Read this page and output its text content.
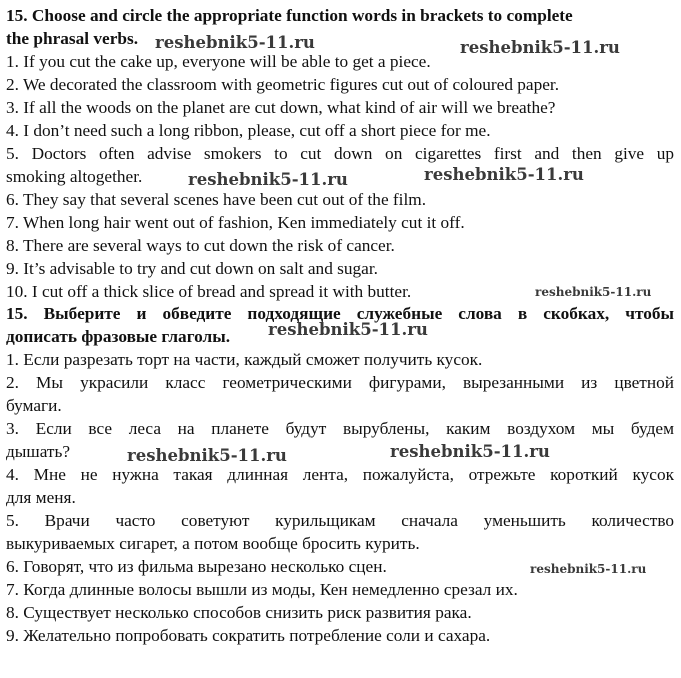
15. Choose and circle the appropriate function words in brackets to complete
the phrasal verbs.
1. If you cut the cake up, everyone will be able to get a piece.
2. We decorated the classroom with geometric figures cut out of coloured paper.
3. If all the woods on the planet are cut down, what kind of air will we breathe?
4. I don’t need such a long ribbon, please, cut off a short piece for me.
5. Doctors often advise smokers to cut down on cigarettes first and then give up
smoking altogether.
6. They say that several scenes have been cut out of the film.
7. When long hair went out of fashion, Ken immediately cut it off.
8. There are several ways to cut down the risk of cancer.
9. It’s advisable to try and cut down on salt and sugar.
10. I cut off a thick slice of bread and spread it with butter.
15. Выберите и обведите подходящие служебные слова в скобках, чтобы
дописать фразовые глаголы.
1. Если разрезать торт на части, каждый сможет получить кусок.
2. Мы украсили класс геометрическими фигурами, вырезанными из цветной
бумаги.
3. Если все леса на планете будут вырублены, каким воздухом мы будем
дышать?
4. Мне не нужна такая длинная лента, пожалуйста, отрежьте короткий кусок
для меня.
5. Врачи часто советуют курильщикам сначала уменьшить количество
выкуриваемых сигарет, а потом вообще бросить курить.
6. Говорят, что из фильма вырезано несколько сцен.
7. Когда длинные волосы вышли из моды, Кен немедленно срезал их.
8. Существует несколько способов снизить риск развития рака.
9. Желательно попробовать сократить потребление соли и сахара.
reshebnik5-11.ru	reshebnik5-11.ru
reshebnik5-11.ru	reshebnik5-11.ru
reshebnik5-11.ru
reshebnik5-11.ru
reshebnik5-11.ru	reshebnik5-11.ru
reshebnik5-11.ru
